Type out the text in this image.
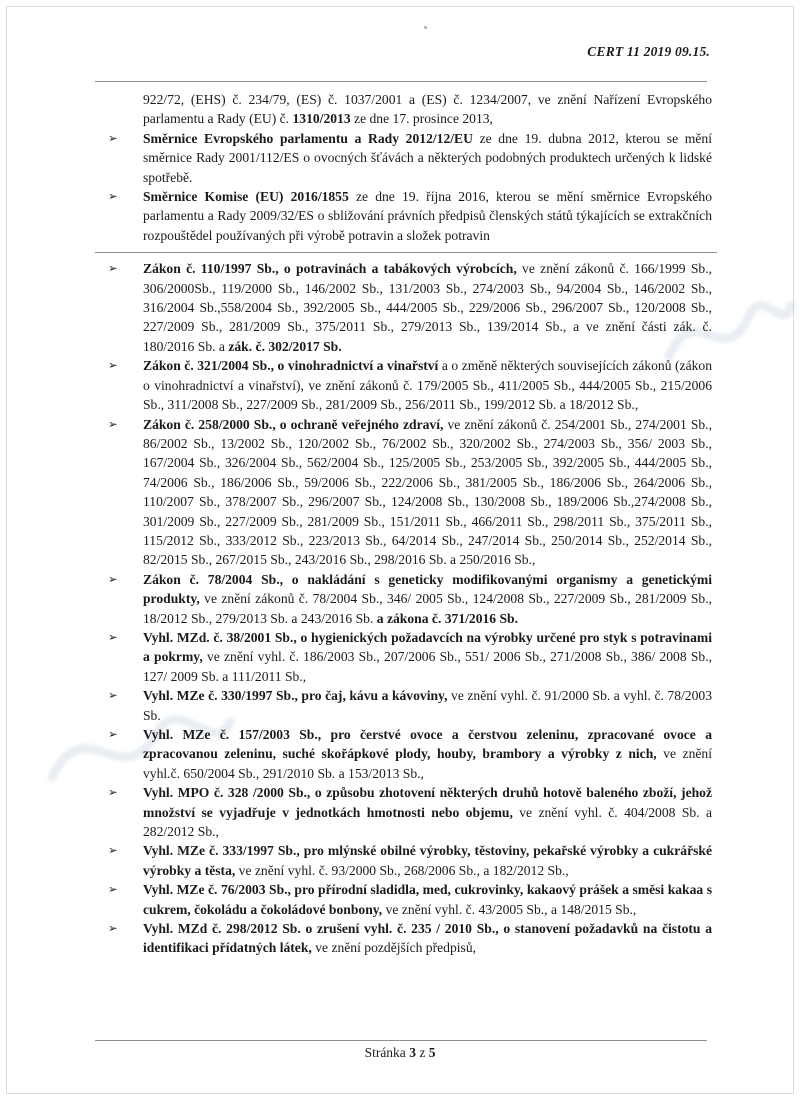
CERT 11 2019 09.15.
922/72, (EHS) č. 234/79, (ES) č. 1037/2001 a (ES) č. 1234/2007, ve znění Nařízení Evropského parlamentu a Rady (EU) č. 1310/2013 ze dne 17. prosince 2013,
➢	Směrnice Evropského parlamentu a Rady 2012/12/EU ze dne 19. dubna 2012, kterou se mění směrnice Rady 2001/112/ES o ovocných šťávách a některých podobných produktech určených k lidské spotřebě.
➢	Směrnice Komise (EU) 2016/1855 ze dne 19. října 2016, kterou se mění směrnice Evropského parlamentu a Rady 2009/32/ES o sbližování právních předpisů členských států týkajících se extrakčních rozpouštědel používaných při výrobě potravin a složek potravin
➢	Zákon č. 110/1997 Sb., o potravinách a tabákových výrobcích, ve znění zákonů č. 166/1999 Sb., 306/2000Sb., 119/2000 Sb., 146/2002 Sb., 131/2003 Sb., 274/2003 Sb., 94/2004 Sb., 146/2002 Sb., 316/2004 Sb.,558/2004 Sb., 392/2005 Sb., 444/2005 Sb., 229/2006 Sb., 296/2007 Sb., 120/2008 Sb., 227/2009 Sb., 281/2009 Sb., 375/2011 Sb., 279/2013 Sb., 139/2014 Sb., a ve znění části zák. č. 180/2016 Sb. a zák. č. 302/2017 Sb.
➢	Zákon č. 321/2004 Sb., o vinohradnictví a vinařství a o změně některých souvisejících zákonů (zákon o vinohradnictví a vinařství), ve znění zákonů č. 179/2005 Sb., 411/2005 Sb., 444/2005 Sb., 215/2006 Sb., 311/2008 Sb., 227/2009 Sb., 281/2009 Sb., 256/2011 Sb., 199/2012 Sb. a 18/2012 Sb.,
➢	Zákon č. 258/2000 Sb., o ochraně veřejného zdraví, ve znění zákonů č. 254/2001 Sb., 274/2001 Sb., 86/2002 Sb., 13/2002 Sb., 120/2002 Sb., 76/2002 Sb., 320/2002 Sb., 274/2003 Sb., 356/ 2003 Sb., 167/2004 Sb., 326/2004 Sb., 562/2004 Sb., 125/2005 Sb., 253/2005 Sb., 392/2005 Sb., 444/2005 Sb., 74/2006 Sb., 186/2006 Sb., 59/2006 Sb., 222/2006 Sb., 381/2005 Sb., 186/2006 Sb., 264/2006 Sb., 110/2007 Sb., 378/2007 Sb., 296/2007 Sb., 124/2008 Sb., 130/2008 Sb., 189/2006 Sb.,274/2008 Sb., 301/2009 Sb., 227/2009 Sb., 281/2009 Sb., 151/2011 Sb., 466/2011 Sb., 298/2011 Sb., 375/2011 Sb., 115/2012 Sb., 333/2012 Sb., 223/2013 Sb., 64/2014 Sb., 247/2014 Sb., 250/2014 Sb., 252/2014 Sb., 82/2015 Sb., 267/2015 Sb., 243/2016 Sb., 298/2016 Sb. a 250/2016 Sb.,
➢	Zákon č. 78/2004 Sb., o nakládání s geneticky modifikovanými organismy a genetickými produkty, ve znění zákonů č. 78/2004 Sb., 346/ 2005 Sb., 124/2008 Sb., 227/2009 Sb., 281/2009 Sb., 18/2012 Sb., 279/2013 Sb. a 243/2016 Sb. a zákona č. 371/2016 Sb.
➢	Vyhl. MZd. č. 38/2001 Sb., o hygienických požadavcích na výrobky určené pro styk s potravinami a pokrmy, ve znění vyhl. č. 186/2003 Sb., 207/2006 Sb., 551/ 2006 Sb., 271/2008 Sb., 386/ 2008 Sb., 127/ 2009 Sb. a 111/2011 Sb.,
➢	Vyhl. MZe č. 330/1997 Sb., pro čaj, kávu a kávoviny, ve znění vyhl. č. 91/2000 Sb. a vyhl. č. 78/2003 Sb.
➢	Vyhl. MZe č. 157/2003 Sb., pro čerstvé ovoce a čerstvou zeleninu, zpracované ovoce a zpracovanou zeleninu, suché skořápkové plody, houby, brambory a výrobky z nich, ve znění vyhl.č. 650/2004 Sb., 291/2010 Sb. a 153/2013 Sb.,
➢	Vyhl. MPO č. 328 /2000 Sb., o způsobu zhotovení některých druhů hotově baleného zboží, jehož množství se vyjadřuje v jednotkách hmotnosti nebo objemu, ve znění vyhl. č. 404/2008 Sb. a 282/2012 Sb.,
➢	Vyhl. MZe č. 333/1997 Sb., pro mlýnské obilné výrobky, těstoviny, pekařské výrobky a cukrářské výrobky a těsta, ve znění vyhl. č. 93/2000 Sb., 268/2006 Sb., a 182/2012 Sb.,
➢	Vyhl. MZe č. 76/2003 Sb., pro přírodní sladidla, med, cukrovinky, kakaový prášek a směsi kakaa s cukrem, čokoládu a čokoládové bonbony, ve znění vyhl. č. 43/2005 Sb., a 148/2015 Sb.,
➢	Vyhl. MZd č. 298/2012 Sb. o zrušení vyhl. č. 235 / 2010 Sb., o stanovení požadavků na čistotu a identifikaci přídatných látek, ve znění pozdějších předpisů,
Stránka 3 z 5
